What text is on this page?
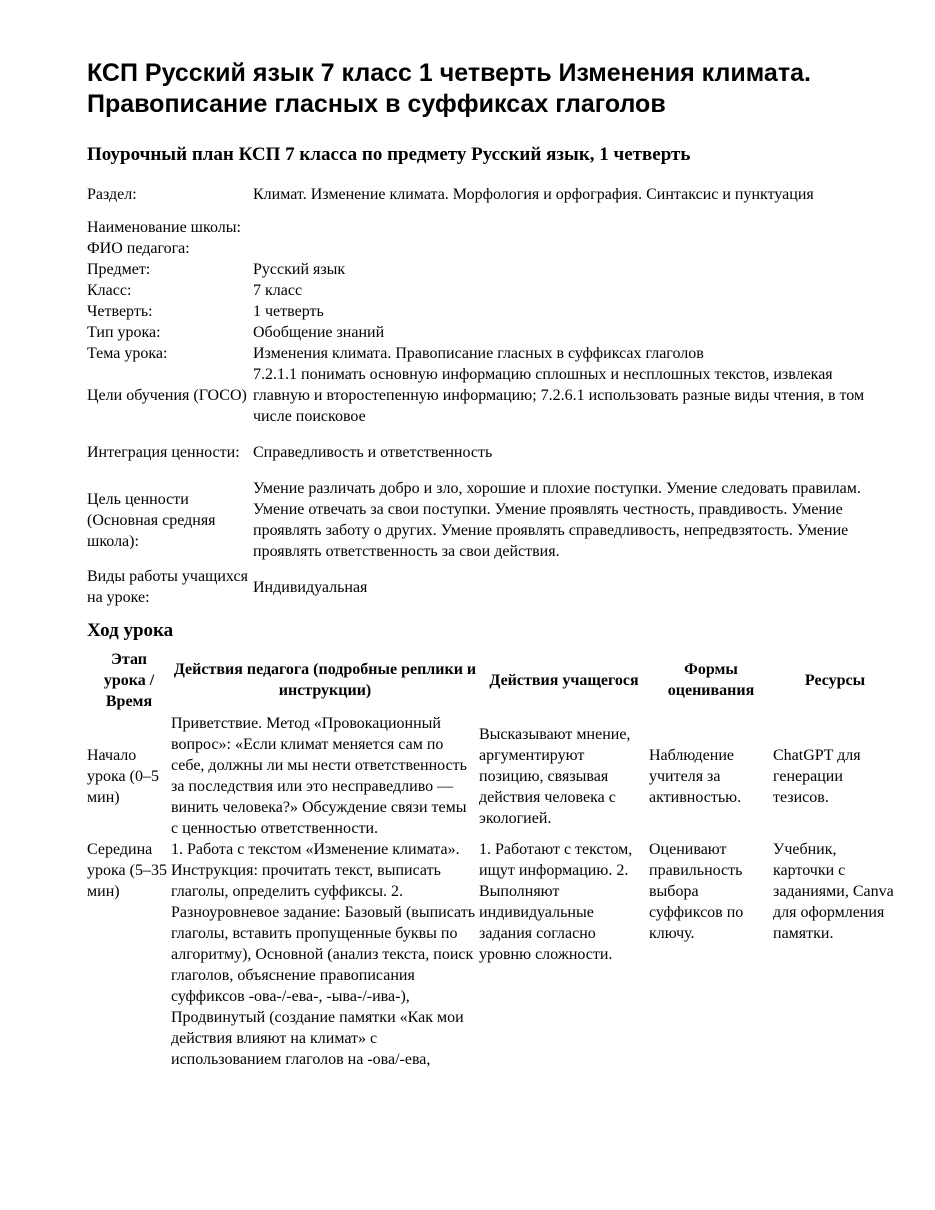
КСП Русский язык 7 класс 1 четверть Изменения климата. Правописание гласных в суффиксах глаголов
Поурочный план КСП 7 класса по предмету Русский язык, 1 четверть
Раздел:	Климат. Изменение климата. Морфология и орфография. Синтаксис и пунктуация
Наименование школы:	
ФИО педагога:	
Предмет:	Русский язык
Класс:	7 класс
Четверть:	1 четверть
Тип урока:	Обобщение знаний
Тема урока:	Изменения климата. Правописание гласных в суффиксах глаголов
Цели обучения (ГОСО)	7.2.1.1 понимать основную информацию сплошных и несплошных текстов, извлекая главную и второстепенную информацию; 7.2.6.1 использовать разные виды чтения, в том числе поисковое
Интеграция ценности:	Справедливость и ответственность
Цель ценности (Основная средняя школа):	Умение различать добро и зло, хорошие и плохие поступки. Умение следовать правилам. Умение отвечать за свои поступки. Умение проявлять честность, правдивость. Умение проявлять заботу о других. Умение проявлять справедливость, непредвзятость. Умение проявлять ответственность за свои действия.
Виды работы учащихся на уроке:	Индивидуальная
Ход урока
Этап урока / Время	Действия педагога (подробные реплики и инструкции)	Действия учащегося	Формы оценивания	Ресурсы
Начало урока (0–5 мин)	Приветствие. Метод «Провокационный вопрос»: «Если климат меняется сам по себе, должны ли мы нести ответственность за последствия или это несправедливо — винить человека?» Обсуждение связи темы с ценностью ответственности.	Высказывают мнение, аргументируют позицию, связывая действия человека с экологией.	Наблюдение учителя за активностью.	ChatGPT для генерации тезисов.
Середина урока (5–35 мин)	1. Работа с текстом «Изменение климата». Инструкция: прочитать текст, выписать глаголы, определить суффиксы. 2. Разноуровневое задание: Базовый (выписать глаголы, вставить пропущенные буквы по алгоритму), Основной (анализ текста, поиск глаголов, объяснение правописания суффиксов -ова-/-ева-, -ыва-/-ива-), Продвинутый (создание памятки «Как мои действия влияют на климат» с использованием глаголов на -ова/-ева,	1. Работают с текстом, ищут информацию. 2. Выполняют индивидуальные задания согласно уровню сложности.	Оценивают правильность выбора суффиксов по ключу.	Учебник, карточки с заданиями, Canva для оформления памятки.
